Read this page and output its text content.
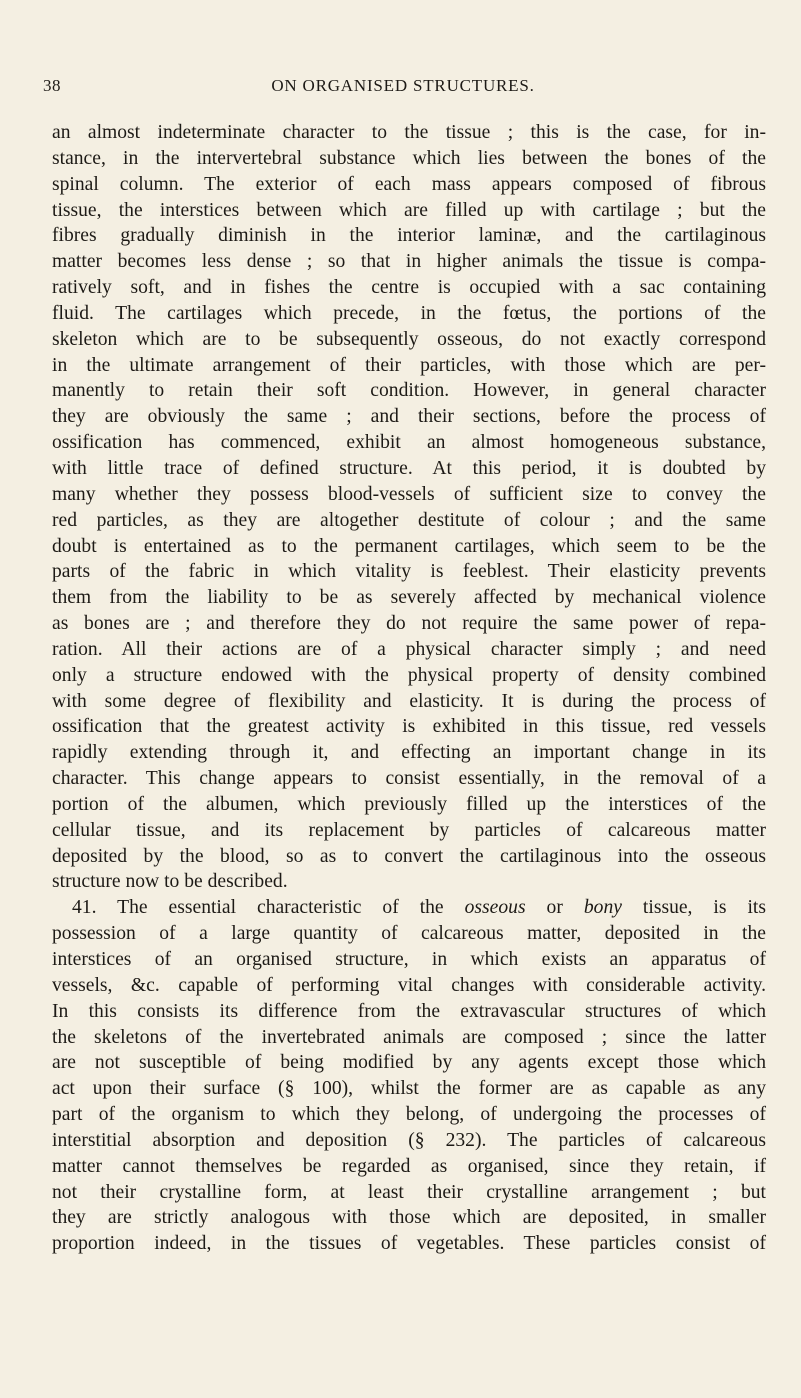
38	ON ORGANISED STRUCTURES.
an almost indeterminate character to the tissue ; this is the case, for in-
stance, in the intervertebral substance which lies between the bones of the
spinal column. The exterior of each mass appears composed of fibrous
tissue, the interstices between which are filled up with cartilage ; but the
fibres gradually diminish in the interior laminæ, and the cartilaginous
matter becomes less dense ; so that in higher animals the tissue is compa-
ratively soft, and in fishes the centre is occupied with a sac containing
fluid. The cartilages which precede, in the fœtus, the portions of the
skeleton which are to be subsequently osseous, do not exactly correspond
in the ultimate arrangement of their particles, with those which are per-
manently to retain their soft condition. However, in general character
they are obviously the same ; and their sections, before the process of
ossification has commenced, exhibit an almost homogeneous substance,
with little trace of defined structure. At this period, it is doubted by
many whether they possess blood-vessels of sufficient size to convey the
red particles, as they are altogether destitute of colour ; and the same
doubt is entertained as to the permanent cartilages, which seem to be the
parts of the fabric in which vitality is feeblest. Their elasticity prevents
them from the liability to be as severely affected by mechanical violence
as bones are ; and therefore they do not require the same power of repa-
ration. All their actions are of a physical character simply ; and need
only a structure endowed with the physical property of density combined
with some degree of flexibility and elasticity. It is during the process of
ossification that the greatest activity is exhibited in this tissue, red vessels
rapidly extending through it, and effecting an important change in its
character. This change appears to consist essentially, in the removal of a
portion of the albumen, which previously filled up the interstices of the
cellular tissue, and its replacement by particles of calcareous matter
deposited by the blood, so as to convert the cartilaginous into the osseous
structure now to be described.
41. The essential characteristic of the osseous or bony tissue, is its
possession of a large quantity of calcareous matter, deposited in the
interstices of an organised structure, in which exists an apparatus of
vessels, &c. capable of performing vital changes with considerable activity.
In this consists its difference from the extravascular structures of which
the skeletons of the invertebrated animals are composed ; since the latter
are not susceptible of being modified by any agents except those which
act upon their surface (§ 100), whilst the former are as capable as any
part of the organism to which they belong, of undergoing the processes of
interstitial absorption and deposition (§ 232). The particles of calcareous
matter cannot themselves be regarded as organised, since they retain, if
not their crystalline form, at least their crystalline arrangement ; but
they are strictly analogous with those which are deposited, in smaller
proportion indeed, in the tissues of vegetables. These particles consist of
